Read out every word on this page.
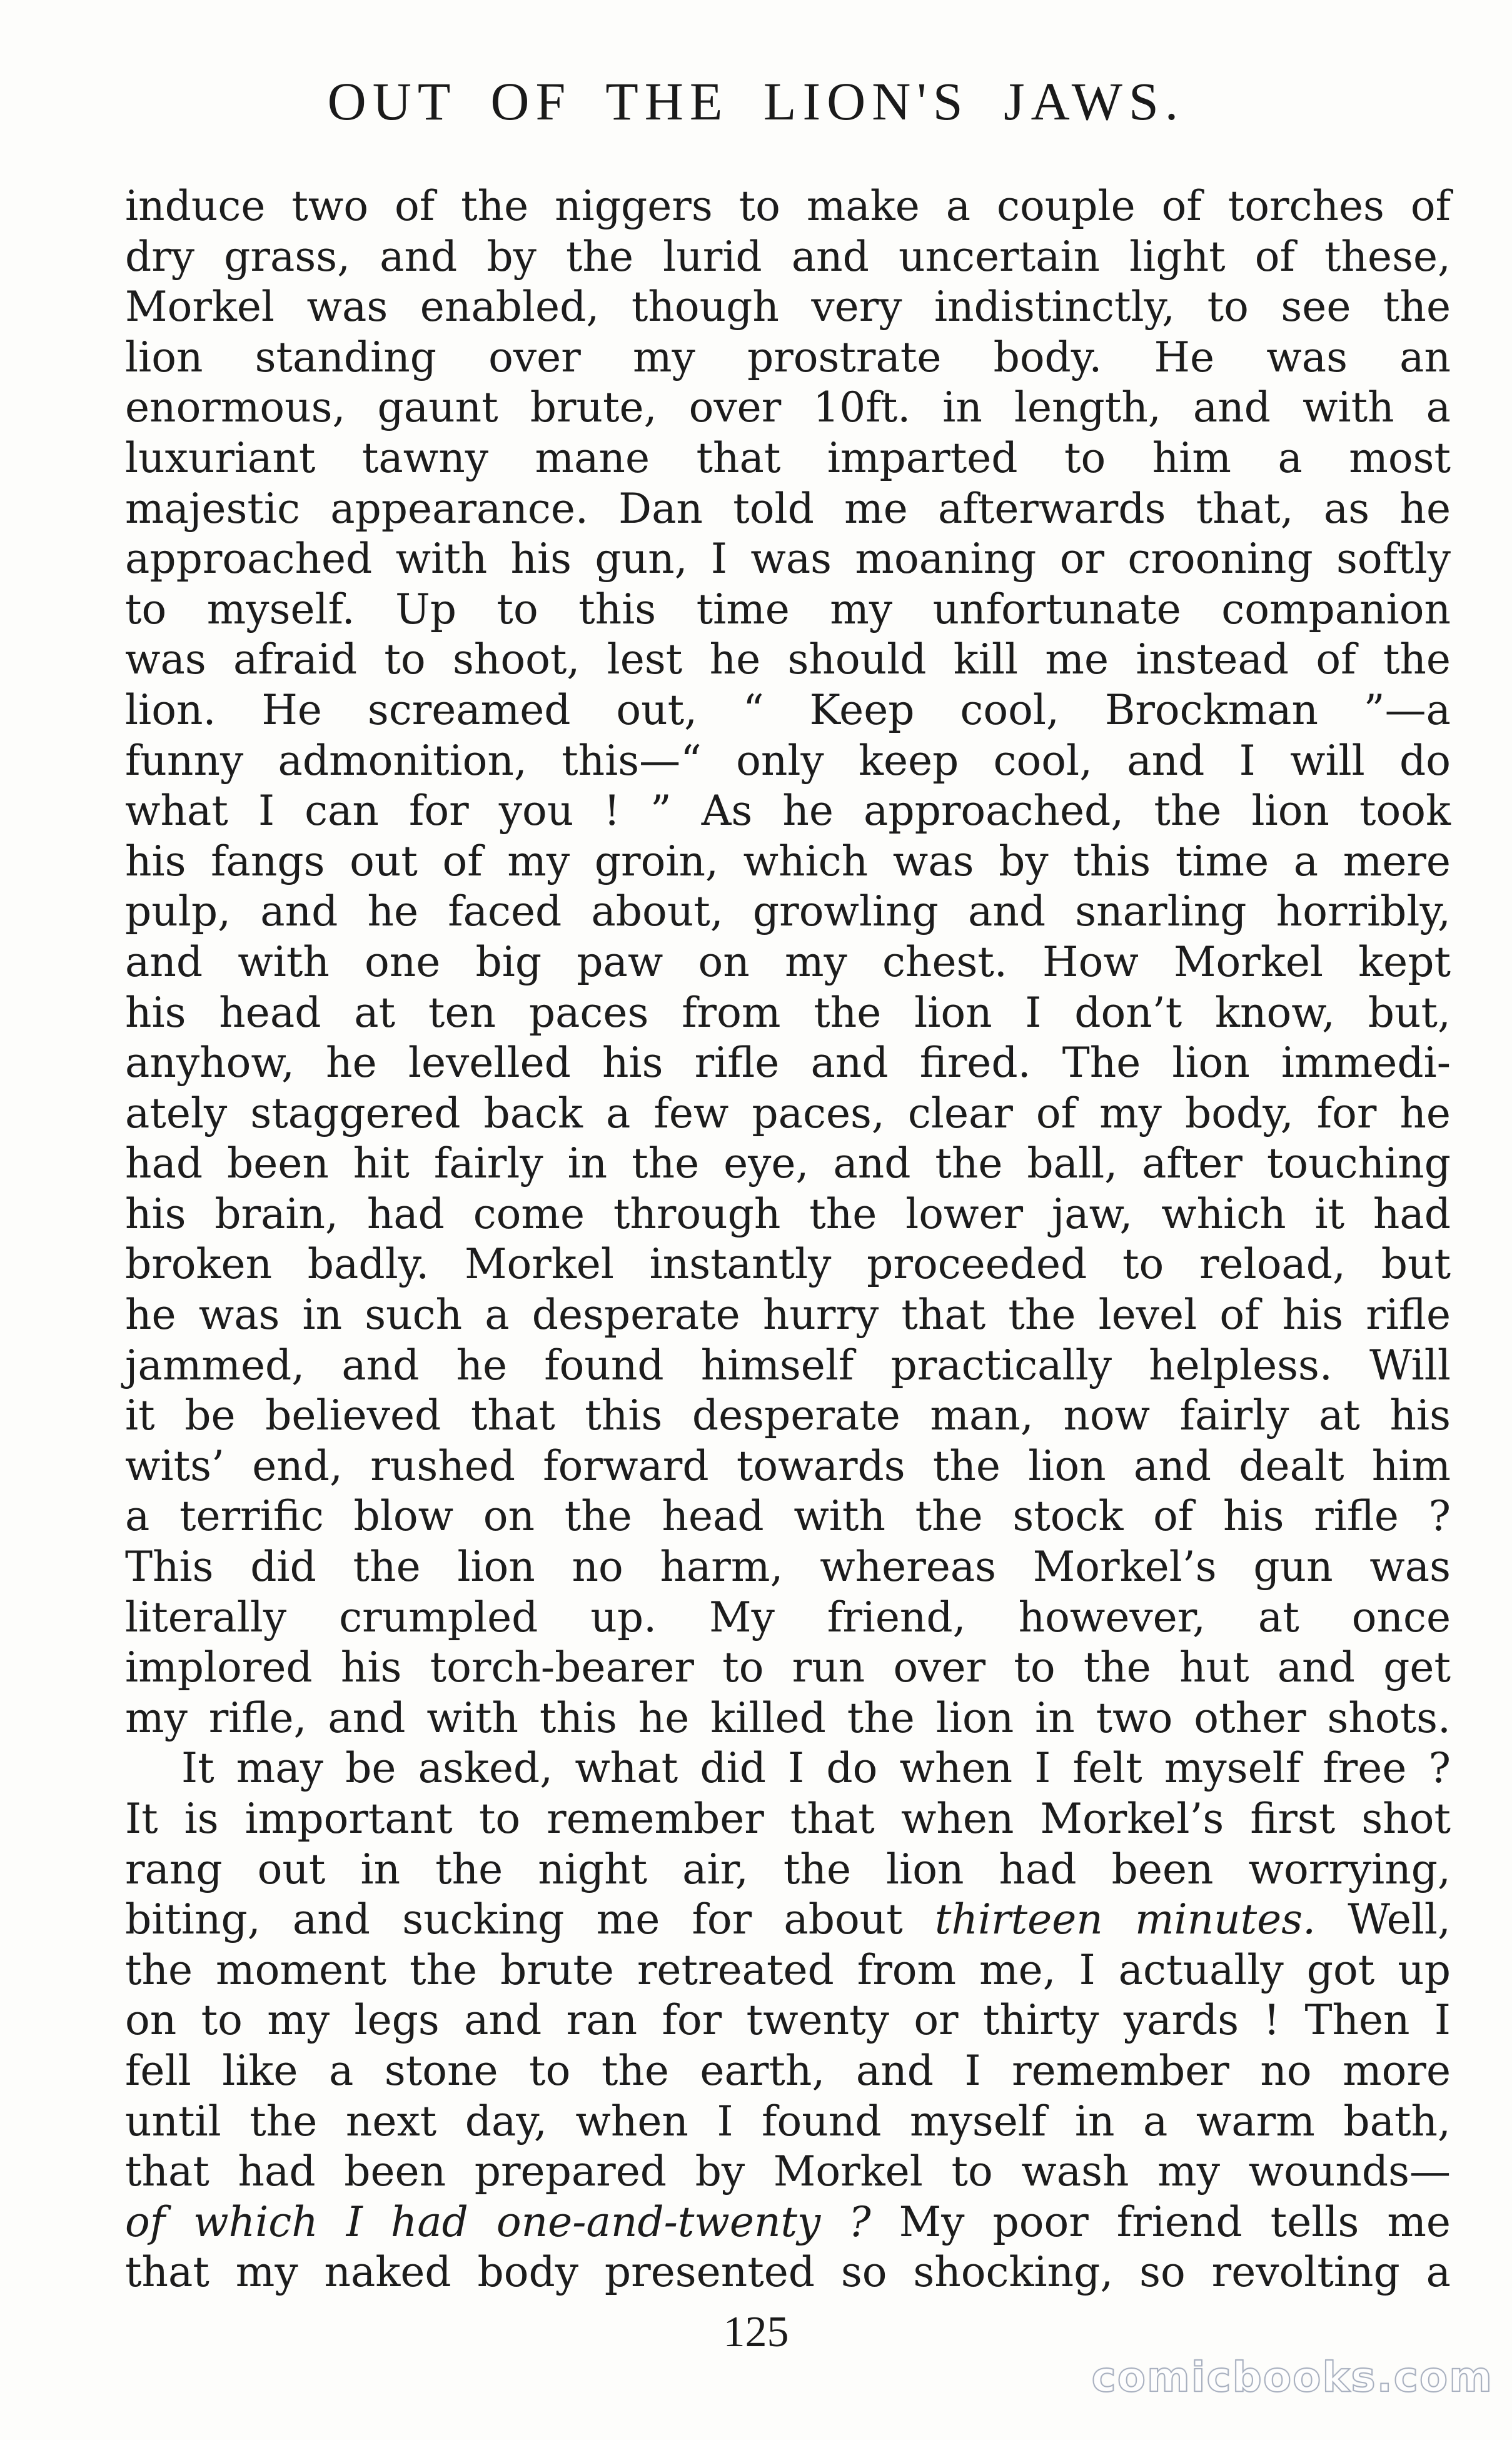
OUT OF THE LION'S JAWS.
induce two of the niggers to make a couple of torches of
dry grass, and by the lurid and uncertain light of these,
Morkel was enabled, though very indistinctly, to see the
lion standing over my prostrate body. He was an
enormous, gaunt brute, over 10ft. in length, and with a
luxuriant tawny mane that imparted to him a most
majestic appearance. Dan told me afterwards that, as he
approached with his gun, I was moaning or crooning softly
to myself. Up to this time my unfortunate companion
was afraid to shoot, lest he should kill me instead of the
lion. He screamed out, “ Keep cool, Brockman ”—a
funny admonition, this—“ only keep cool, and I will do
what I can for you ! ” As he approached, the lion took
his fangs out of my groin, which was by this time a mere
pulp, and he faced about, growling and snarling horribly,
and with one big paw on my chest. How Morkel kept
his head at ten paces from the lion I don’t know, but,
anyhow, he levelled his rifle and fired. The lion immedi-
ately staggered back a few paces, clear of my body, for he
had been hit fairly in the eye, and the ball, after touching
his brain, had come through the lower jaw, which it had
broken badly. Morkel instantly proceeded to reload, but
he was in such a desperate hurry that the level of his rifle
jammed, and he found himself practically helpless. Will
it be believed that this desperate man, now fairly at his
wits’ end, rushed forward towards the lion and dealt him
a terrific blow on the head with the stock of his rifle ?
This did the lion no harm, whereas Morkel’s gun was
literally crumpled up. My friend, however, at once
implored his torch-bearer to run over to the hut and get
my rifle, and with this he killed the lion in two other shots.
It may be asked, what did I do when I felt myself free ?
It is important to remember that when Morkel’s first shot
rang out in the night air, the lion had been worrying,
biting, and sucking me for about thirteen minutes. Well,
the moment the brute retreated from me, I actually got up
on to my legs and ran for twenty or thirty yards ! Then I
fell like a stone to the earth, and I remember no more
until the next day, when I found myself in a warm bath,
that had been prepared by Morkel to wash my wounds—
of which I had one-and-twenty ? My poor friend tells me
that my naked body presented so shocking, so revolting a
125
comicbooks.com
